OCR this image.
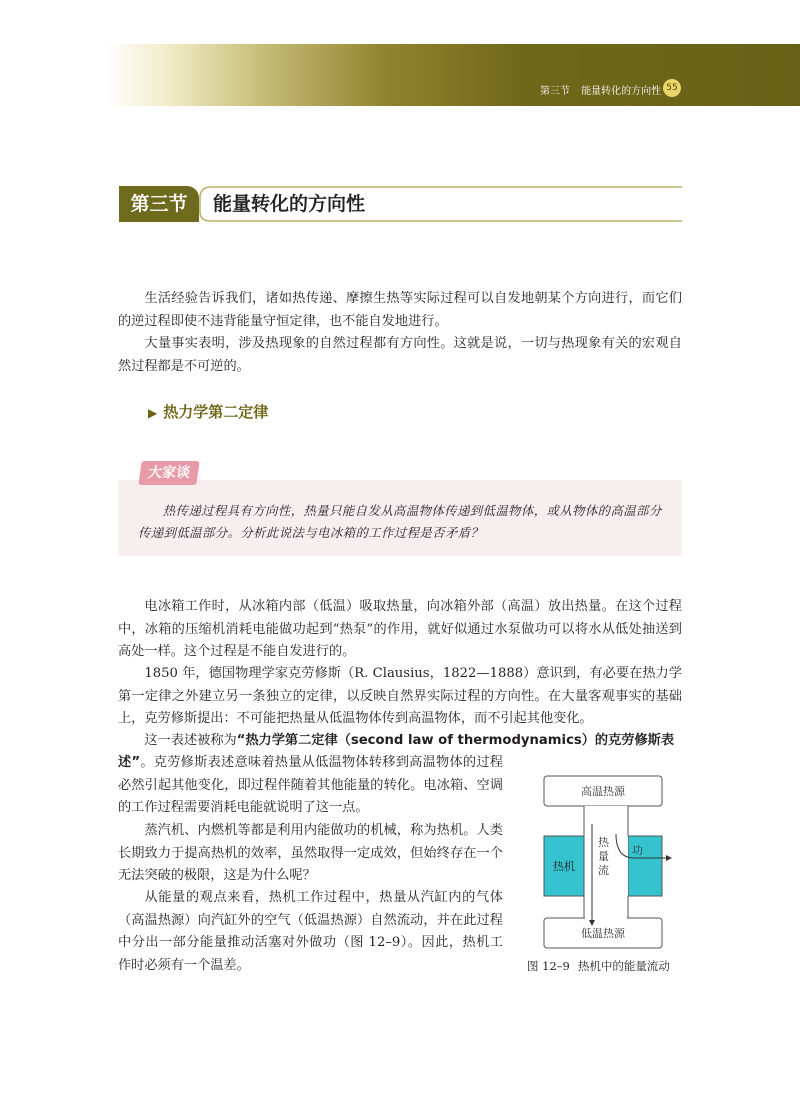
第三节 能量转化的方向性 55
第三节	能量转化的方向性

生活经验告诉我们，诸如热传递、摩擦生热等实际过程可以自发地朝某个方向进行，而它们的逆过程即使不违背能量守恒定律，也不能自发地进行。

大量事实表明，涉及热现象的自然过程都有方向性。这就是说，一切与热现象有关的宏观自然过程都是不可逆的。

▶ 热力学第二定律
大家谈

热传递过程具有方向性，热量只能自发从高温物体传递到低温物体，或从物体的高温部分传递到低温部分。分析此说法与电冰箱的工作过程是否矛盾？

电冰箱工作时，从冰箱内部（低温）吸取热量，向冰箱外部（高温）放出热量。在这个过程中，冰箱的压缩机消耗电能做功起到“热泵”的作用，就好似通过水泵做功可以将水从低处抽送到高处一样。这个过程是不能自发进行的。

1850 年，德国物理学家克劳修斯（R. Clausius，1822—1888）意识到，有必要在热力学第一定律之外建立另一条独立的定律，以反映自然界实际过程的方向性。在大量客观事实的基础上，克劳修斯提出：不可能把热量从低温物体传到高温物体，而不引起其他变化。

这一表述被称为“热力学第二定律（second law of thermodynamics）的克劳修斯表

述”。克劳修斯表述意味着热量从低温物体转移到高温物体的过程必然引起其他变化，即过程伴随着其他能量的转化。电冰箱、空调的工作过程需要消耗电能就说明了这一点。

蒸汽机、内燃机等都是利用内能做功的机械，称为热机。人类长期致力于提高热机的效率，虽然取得一定成效，但始终存在一个无法突破的极限，这是为什么呢？

从能量的观点来看，热机工作过程中，热量从汽缸内的气体（高温热源）向汽缸外的空气（低温热源）自然流动，并在此过程中分出一部分能量推动活塞对外做功（图 12–9）。因此，热机工作时必须有一个温差。

高温热源
热机
低温热源
热
量
流
功
图 12–9 热机中的能量流动
